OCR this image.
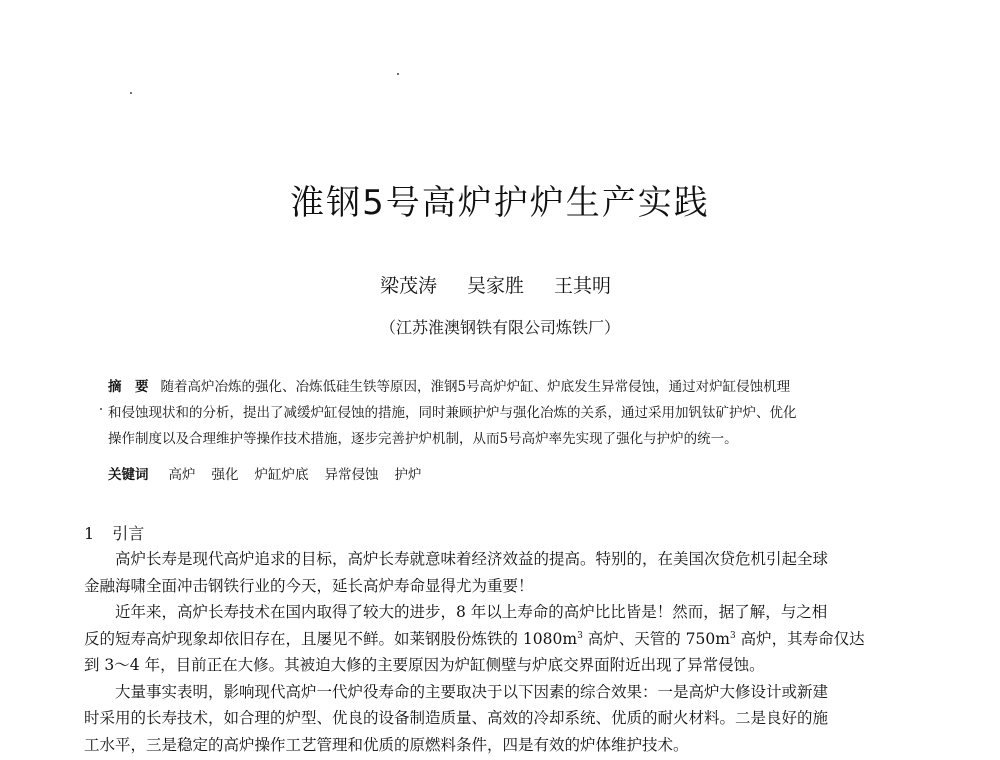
淮钢5号高炉护炉生产实践
梁茂涛 吴家胜 王其明
（江苏淮澳钢铁有限公司炼铁厂）
摘　要 随着高炉冶炼的强化、冶炼低硅生铁等原因，淮钢5号高炉炉缸、炉底发生异常侵蚀，通过对炉缸侵蚀机理
和侵蚀现状和的分析，提出了减缓炉缸侵蚀的措施，同时兼顾护炉与强化冶炼的关系，通过采用加钒钛矿护炉、优化
操作制度以及合理维护等操作技术措施，逐步完善护炉机制，从而5号高炉率先实现了强化与护炉的统一。
关键词 高炉 强化 炉缸炉底 异常侵蚀 护炉
1 引言
高炉长寿是现代高炉追求的目标，高炉长寿就意味着经济效益的提高。特别的，在美国次贷危机引起全球
金融海啸全面冲击钢铁行业的今天，延长高炉寿命显得尤为重要！
近年来，高炉长寿技术在国内取得了较大的进步，8 年以上寿命的高炉比比皆是！然而，据了解，与之相
反的短寿高炉现象却依旧存在，且屡见不鲜。如莱钢股份炼铁的 $1080m^3$ 高炉、天管的 $750m^3$ 高炉，其寿命仅达
到 3～4 年，目前正在大修。其被迫大修的主要原因为炉缸侧壁与炉底交界面附近出现了异常侵蚀。
大量事实表明，影响现代高炉一代炉役寿命的主要取决于以下因素的综合效果：一是高炉大修设计或新建
时采用的长寿技术，如合理的炉型、优良的设备制造质量、高效的冷却系统、优质的耐火材料。二是良好的施
工水平，三是稳定的高炉操作工艺管理和优质的原燃料条件，四是有效的炉体维护技术。
